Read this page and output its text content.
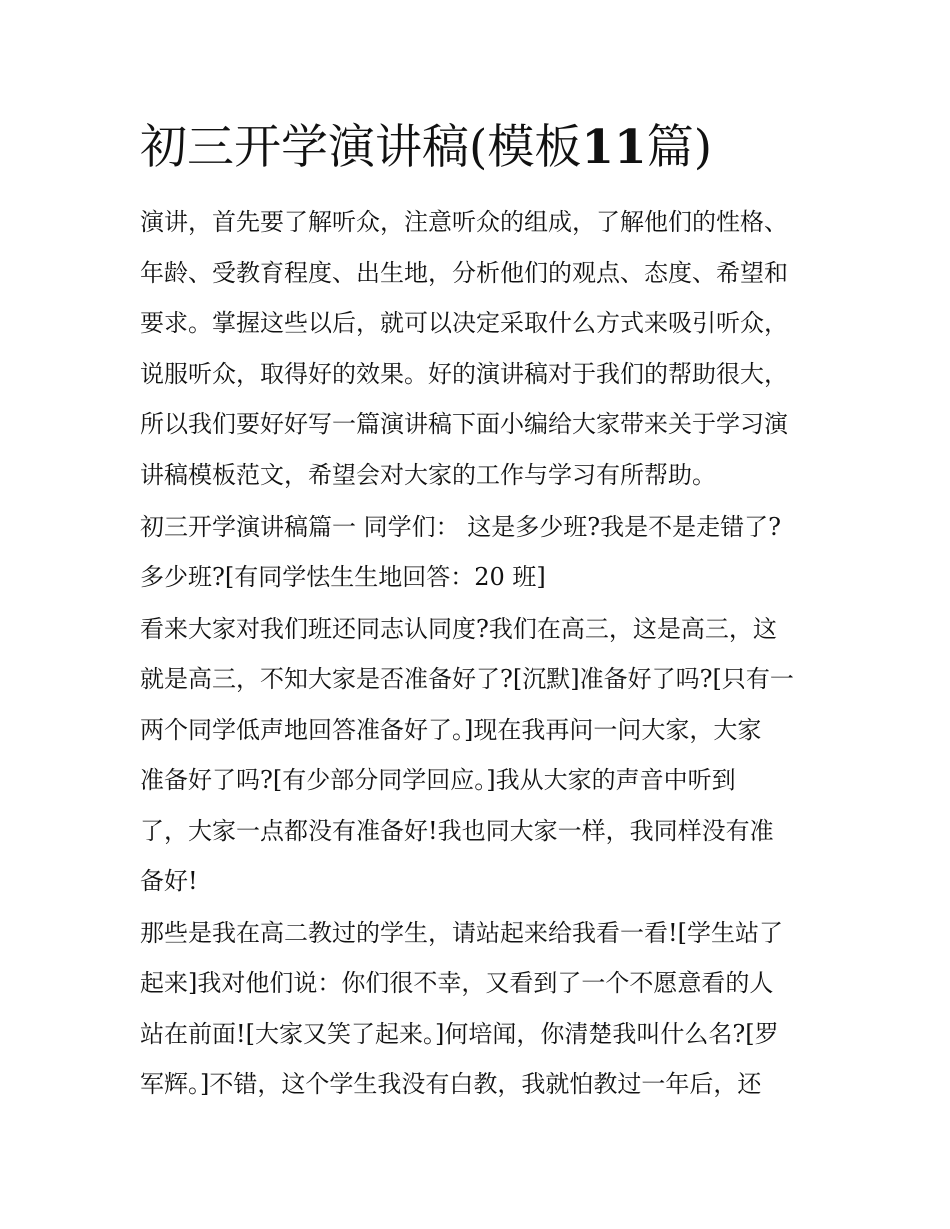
初三开学演讲稿(模板11篇)

演讲，首先要了解听众，注意听众的组成，了解他们的性格、

年龄、受教育程度、出生地，分析他们的观点、态度、希望和

要求。掌握这些以后，就可以决定采取什么方式来吸引听众，

说服听众，取得好的效果。好的演讲稿对于我们的帮助很大，

所以我们要好好写一篇演讲稿下面小编给大家带来关于学习演

讲稿模板范文，希望会对大家的工作与学习有所帮助。

初三开学演讲稿篇一 同学们： 这是多少班?我是不是走错了?

多少班?[有同学怯生生地回答：20 班]

看来大家对我们班还同志认同度?我们在高三，这是高三，这

就是高三，不知大家是否准备好了?[沉默]准备好了吗?[只有一

两个同学低声地回答准备好了。]现在我再问一问大家，大家

准备好了吗?[有少部分同学回应。]我从大家的声音中听到

了，大家一点都没有准备好!我也同大家一样，我同样没有准

备好!

那些是我在高二教过的学生，请站起来给我看一看![学生站了

起来]我对他们说：你们很不幸，又看到了一个不愿意看的人

站在前面![大家又笑了起来。]何培闻，你清楚我叫什么名?[罗

军辉。]不错，这个学生我没有白教，我就怕教过一年后，还
